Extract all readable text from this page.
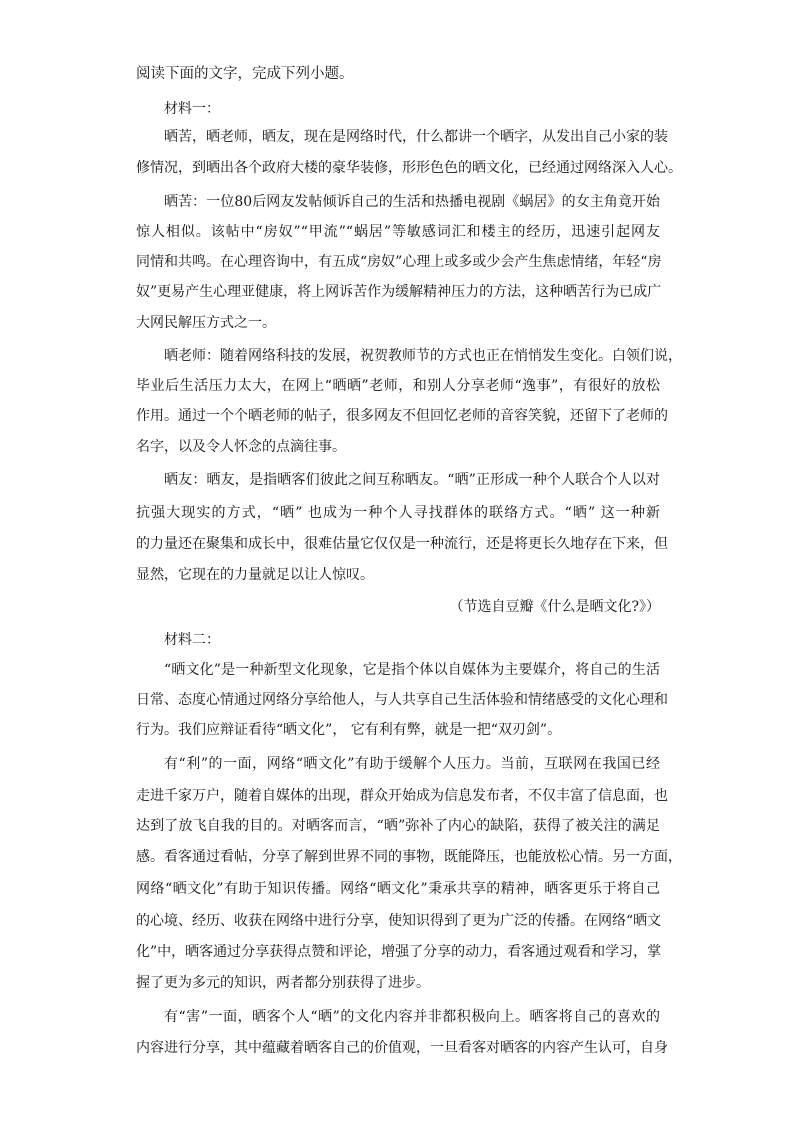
阅读下面的文字，完成下列小题。

材料一：

晒苦，晒老师，晒友，现在是网络时代，什么都讲一个晒字，从发出自己小家的装

修情况，到晒出各个政府大楼的豪华装修，形形色色的晒文化，已经通过网络深入人心。

晒苦：一位80后网友发帖倾诉自己的生活和热播电视剧《蜗居》的女主角竟开始

惊人相似。该帖中“房奴”“甲流”“蜗居”等敏感词汇和楼主的经历，迅速引起网友

同情和共鸣。在心理咨询中，有五成“房奴”心理上或多或少会产生焦虑情绪，年轻“房

奴”更易产生心理亚健康，将上网诉苦作为缓解精神压力的方法，这种晒苦行为已成广

大网民解压方式之一。

晒老师：随着网络科技的发展，祝贺教师节的方式也正在悄悄发生变化。白领们说，

毕业后生活压力太大，在网上“晒晒”老师，和别人分享老师“逸事”，有很好的放松

作用。通过一个个晒老师的帖子，很多网友不但回忆老师的音容笑貌，还留下了老师的

名字，以及令人怀念的点滴往事。

晒友：晒友，是指晒客们彼此之间互称晒友。“晒”正形成一种个人联合个人以对

抗强大现实的方式，“晒” 也成为一种个人寻找群体的联络方式。“晒” 这一种新

的力量还在聚集和成长中，很难估量它仅仅是一种流行，还是将更长久地存在下来，但

显然，它现在的力量就足以让人惊叹。

（节选自豆瓣《什么是晒文化?》）

材料二：

“晒文化”是一种新型文化现象，它是指个体以自媒体为主要媒介，将自己的生活

日常、态度心情通过网络分享给他人，与人共享自己生活体验和情绪感受的文化心理和

行为。我们应辩证看待“晒文化”， 它有利有弊，就是一把“双刃剑”。

有“利”的一面，网络“晒文化”有助于缓解个人压力。当前，互联网在我国已经

走进千家万户，随着自媒体的出现，群众开始成为信息发布者，不仅丰富了信息面，也

达到了放飞自我的目的。对晒客而言，“晒”弥补了内心的缺陷，获得了被关注的满足

感。看客通过看帖，分享了解到世界不同的事物，既能降压，也能放松心情。另一方面，

网络“晒文化”有助于知识传播。网络“晒文化”秉承共享的精神，晒客更乐于将自己

的心境、经历、收获在网络中进行分享，使知识得到了更为广泛的传播。在网络“晒文

化”中，晒客通过分享获得点赞和评论，增强了分享的动力，看客通过观看和学习，掌

握了更为多元的知识，两者都分别获得了进步。

有“害”一面，晒客个人“晒”的文化内容并非都积极向上。晒客将自己的喜欢的

内容进行分享，其中蕴藏着晒客自己的价值观，一旦看客对晒客的内容产生认可，自身
